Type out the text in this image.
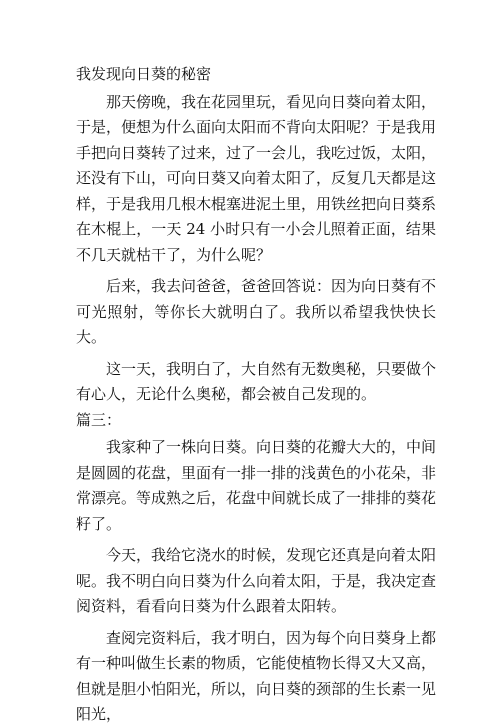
我发现向日葵的秘密

那天傍晚，我在花园里玩，看见向日葵向着太阳，于是，便想为什么面向太阳而不背向太阳呢？于是我用手把向日葵转了过来，过了一会儿，我吃过饭，太阳，还没有下山，可向日葵又向着太阳了，反复几天都是这样，于是我用几根木棍塞进泥土里，用铁丝把向日葵系在木棍上，一天 24 小时只有一小会儿照着正面，结果不几天就枯干了，为什么呢？

后来，我去问爸爸，爸爸回答说：因为向日葵有不可光照射，等你长大就明白了。我所以希望我快快长大。

这一天，我明白了，大自然有无数奥秘，只要做个有心人，无论什么奥秘，都会被自己发现的。

篇三：

我家种了一株向日葵。向日葵的花瓣大大的，中间是圆圆的花盘，里面有一排一排的浅黄色的小花朵，非常漂亮。等成熟之后，花盘中间就长成了一排排的葵花籽了。

今天，我给它浇水的时候，发现它还真是向着太阳呢。我不明白向日葵为什么向着太阳，于是，我决定查阅资料，看看向日葵为什么跟着太阳转。

查阅完资料后，我才明白，因为每个向日葵身上都有一种叫做生长素的物质，它能使植物长得又大又高，但就是胆小怕阳光，所以，向日葵的颈部的生长素一见阳光，
